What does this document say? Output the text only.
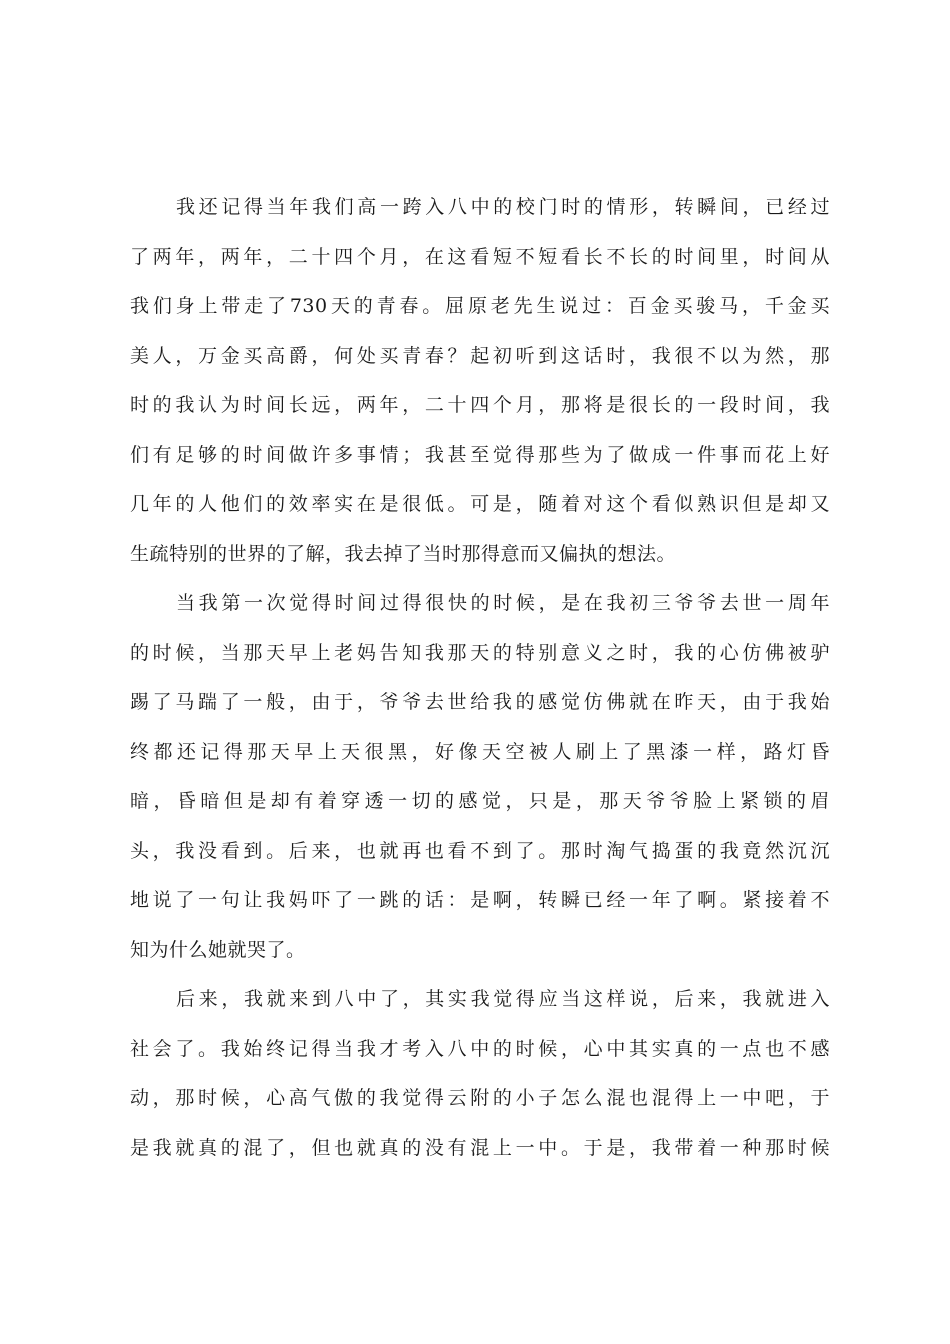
我还记得当年我们高一跨入八中的校门时的情形，转瞬间，已经过
了两年，两年，二十四个月，在这看短不短看长不长的时间里，时间从
我们身上带走了730天的青春。屈原老先生说过：百金买骏马，千金买
美人，万金买高爵，何处买青春？起初听到这话时，我很不以为然，那
时的我认为时间长远，两年，二十四个月，那将是很长的一段时间，我
们有足够的时间做许多事情；我甚至觉得那些为了做成一件事而花上好
几年的人他们的效率实在是很低。可是，随着对这个看似熟识但是却又
生疏特别的世界的了解，我去掉了当时那得意而又偏执的想法。
当我第一次觉得时间过得很快的时候，是在我初三爷爷去世一周年
的时候，当那天早上老妈告知我那天的特别意义之时，我的心仿佛被驴
踢了马踹了一般，由于，爷爷去世给我的感觉仿佛就在昨天，由于我始
终都还记得那天早上天很黑，好像天空被人刷上了黑漆一样，路灯昏
暗，昏暗但是却有着穿透一切的感觉，只是，那天爷爷脸上紧锁的眉
头，我没看到。后来，也就再也看不到了。那时淘气捣蛋的我竟然沉沉
地说了一句让我妈吓了一跳的话：是啊，转瞬已经一年了啊。紧接着不
知为什么她就哭了。
后来，我就来到八中了，其实我觉得应当这样说，后来，我就进入
社会了。我始终记得当我才考入八中的时候，心中其实真的一点也不感
动，那时候，心高气傲的我觉得云附的小子怎么混也混得上一中吧，于
是我就真的混了，但也就真的没有混上一中。于是，我带着一种那时候
